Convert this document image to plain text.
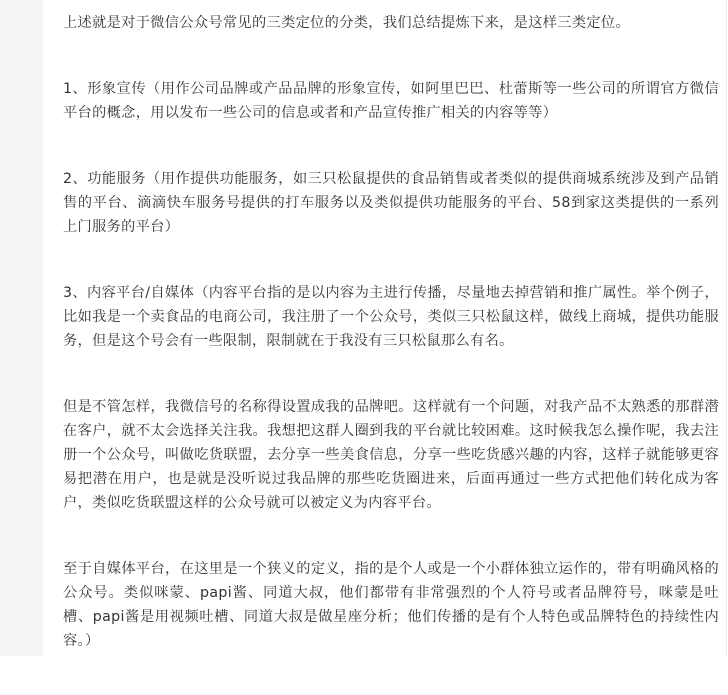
上述就是对于微信公众号常见的三类定位的分类，我们总结提炼下来，是这样三类定位。

1、形象宣传（用作公司品牌或产品品牌的形象宣传，如阿里巴巴、杜蕾斯等一些公司的所谓官方微信平台的概念，用以发布一些公司的信息或者和产品宣传推广相关的内容等等）

2、功能服务（用作提供功能服务，如三只松鼠提供的食品销售或者类似的提供商城系统涉及到产品销售的平台、滴滴快车服务号提供的打车服务以及类似提供功能服务的平台、58到家这类提供的一系列上门服务的平台）

3、内容平台/自媒体（内容平台指的是以内容为主进行传播，尽量地去掉营销和推广属性。举个例子，比如我是一个卖食品的电商公司，我注册了一个公众号，类似三只松鼠这样，做线上商城，提供功能服务，但是这个号会有一些限制，限制就在于我没有三只松鼠那么有名。

但是不管怎样，我微信号的名称得设置成我的品牌吧。这样就有一个问题，对我产品不太熟悉的那群潜在客户，就不太会选择关注我。我想把这群人圈到我的平台就比较困难。这时候我怎么操作呢，我去注册一个公众号，叫做吃货联盟，去分享一些美食信息，分享一些吃货感兴趣的内容，这样子就能够更容易把潜在用户，也是就是没听说过我品牌的那些吃货圈进来，后面再通过一些方式把他们转化成为客户，类似吃货联盟这样的公众号就可以被定义为内容平台。

至于自媒体平台，在这里是一个狭义的定义，指的是个人或是一个小群体独立运作的，带有明确风格的公众号。类似咪蒙、papi酱、同道大叔，他们都带有非常强烈的个人符号或者品牌符号，咪蒙是吐槽、papi酱是用视频吐槽、同道大叔是做星座分析；他们传播的是有个人特色或品牌特色的持续性内容。）
